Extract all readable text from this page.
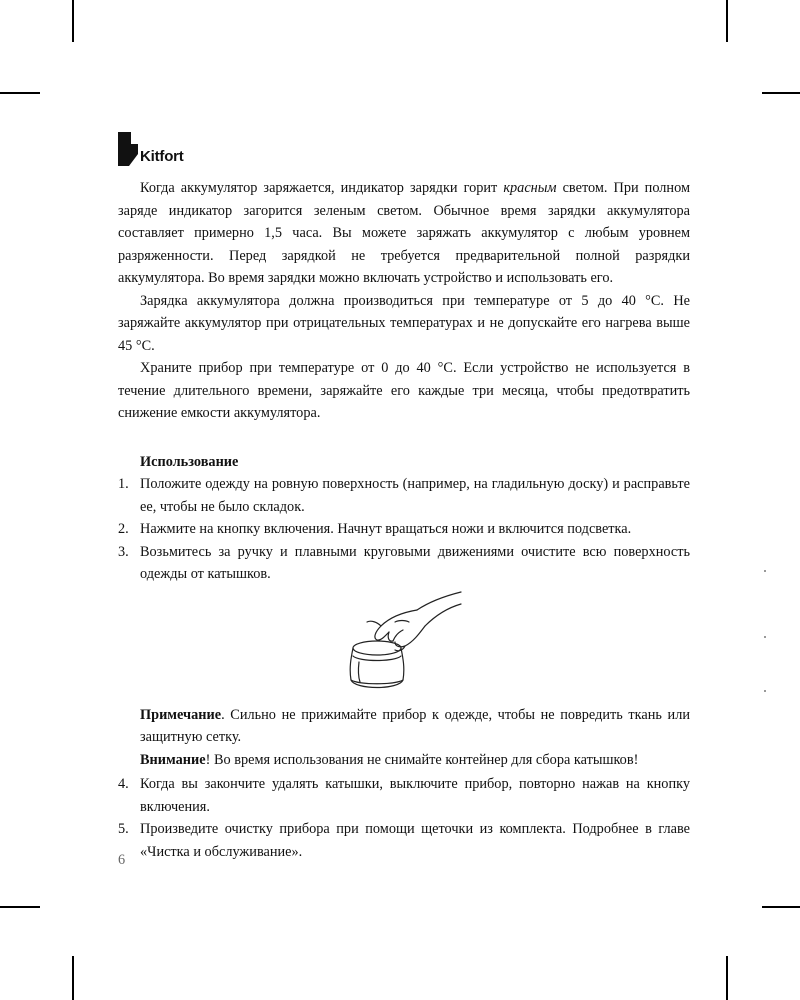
Kitfort

Когда аккумулятор заряжается, индикатор зарядки горит красным светом. При полном заряде индикатор загорится зеленым светом. Обычное время зарядки аккумулятора составляет примерно 1,5 часа. Вы можете заряжать аккумулятор с любым уровнем разряженности. Перед зарядкой не требуется предварительной полной разрядки аккумулятора. Во время зарядки можно включать устройство и использовать его.

Зарядка аккумулятора должна производиться при температуре от 5 до 40 °С. Не заряжайте аккумулятор при отрицательных температурах и не допускайте его нагрева выше 45 °С.

Храните прибор при температуре от 0 до 40 °С. Если устройство не используется в течение длительного времени, заряжайте его каждые три месяца, чтобы предотвратить снижение емкости аккумулятора.

Использование
1. Положите одежду на ровную поверхность (например, на гладильную доску) и расправьте ее, чтобы не было складок.
2. Нажмите на кнопку включения. Начнут вращаться ножи и включится подсветка.
3. Возьмитесь за ручку и плавными круговыми движениями очистите всю поверхность одежды от катышков.
Примечание. Сильно не прижимайте прибор к одежде, чтобы не повредить ткань или защитную сетку.
Внимание! Во время использования не снимайте контейнер для сбора катышков!
4. Когда вы закончите удалять катышки, выключите прибор, повторно нажав на кнопку включения.
5. Произведите очистку прибора при помощи щеточки из комплекта. Подробнее в главе «Чистка и обслуживание».
6
